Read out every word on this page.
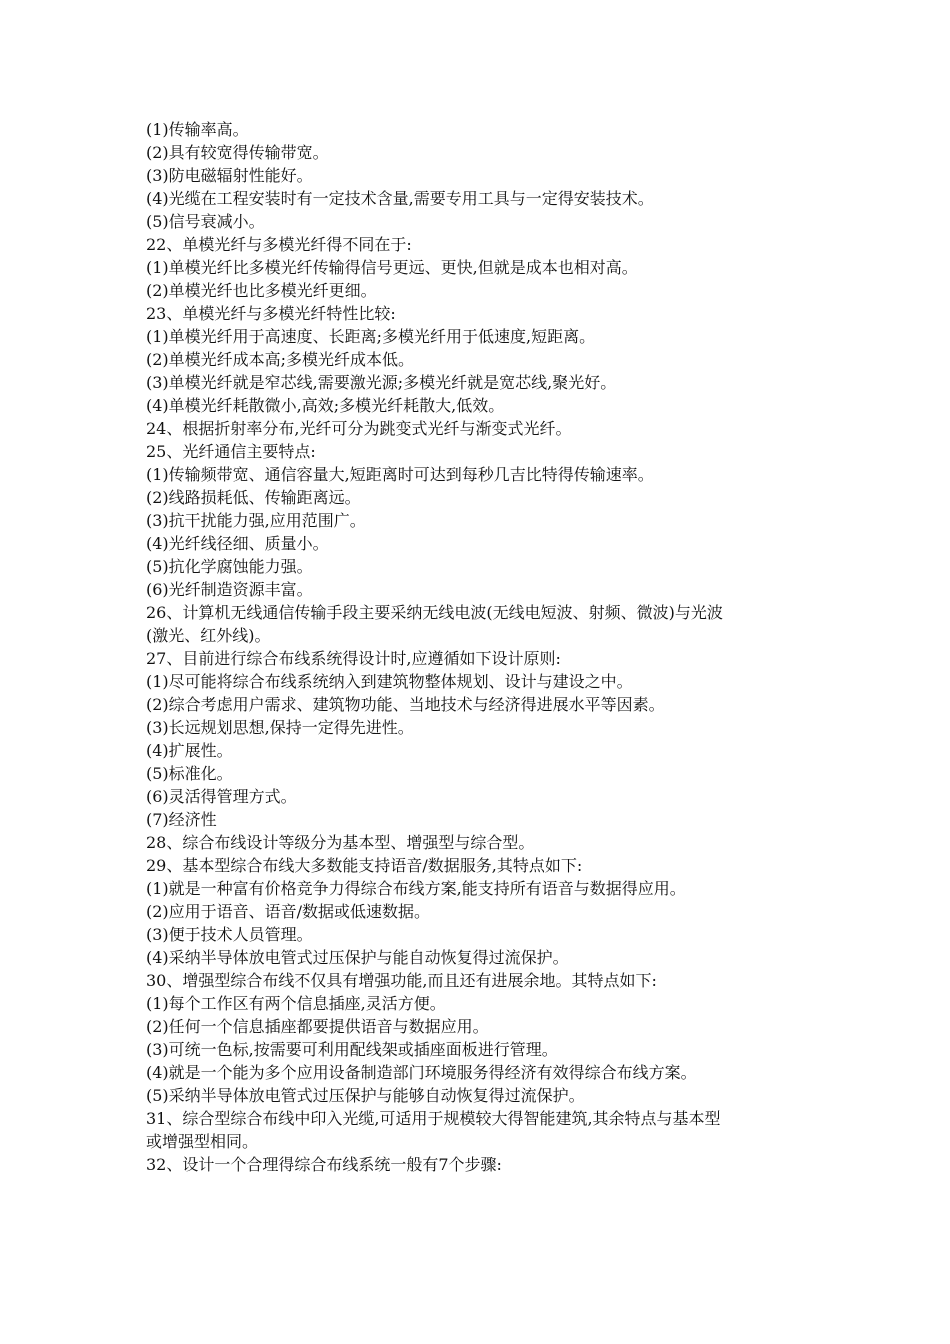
(1)传输率高。
(2)具有较宽得传输带宽。
(3)防电磁辐射性能好。
(4)光缆在工程安装时有一定技术含量,需要专用工具与一定得安装技术。
(5)信号衰减小。
22、单模光纤与多模光纤得不同在于:
(1)单模光纤比多模光纤传输得信号更远、更快,但就是成本也相对高。
(2)单模光纤也比多模光纤更细。
23、单模光纤与多模光纤特性比较:
(1)单模光纤用于高速度、长距离;多模光纤用于低速度,短距离。
(2)单模光纤成本高;多模光纤成本低。
(3)单模光纤就是窄芯线,需要激光源;多模光纤就是宽芯线,聚光好。
(4)单模光纤耗散微小,高效;多模光纤耗散大,低效。
24、根据折射率分布,光纤可分为跳变式光纤与渐变式光纤。
25、光纤通信主要特点:
(1)传输频带宽、通信容量大,短距离时可达到每秒几吉比特得传输速率。
(2)线路损耗低、传输距离远。
(3)抗干扰能力强,应用范围广。
(4)光纤线径细、质量小。
(5)抗化学腐蚀能力强。
(6)光纤制造资源丰富。
26、计算机无线通信传输手段主要采纳无线电波(无线电短波、射频、微波)与光波
(激光、红外线)。
27、目前进行综合布线系统得设计时,应遵循如下设计原则:
(1)尽可能将综合布线系统纳入到建筑物整体规划、设计与建设之中。
(2)综合考虑用户需求、建筑物功能、当地技术与经济得进展水平等因素。
(3)长远规划思想,保持一定得先进性。
(4)扩展性。
(5)标准化。
(6)灵活得管理方式。
(7)经济性
28、综合布线设计等级分为基本型、增强型与综合型。
29、基本型综合布线大多数能支持语音/数据服务,其特点如下:
(1)就是一种富有价格竞争力得综合布线方案,能支持所有语音与数据得应用。
(2)应用于语音、语音/数据或低速数据。
(3)便于技术人员管理。
(4)采纳半导体放电管式过压保护与能自动恢复得过流保护。
30、增强型综合布线不仅具有增强功能,而且还有进展余地。其特点如下:
(1)每个工作区有两个信息插座,灵活方便。
(2)任何一个信息插座都要提供语音与数据应用。
(3)可统一色标,按需要可利用配线架或插座面板进行管理。
(4)就是一个能为多个应用设备制造部门环境服务得经济有效得综合布线方案。
(5)采纳半导体放电管式过压保护与能够自动恢复得过流保护。
31、综合型综合布线中印入光缆,可适用于规模较大得智能建筑,其余特点与基本型
或增强型相同。
32、设计一个合理得综合布线系统一般有7个步骤:
